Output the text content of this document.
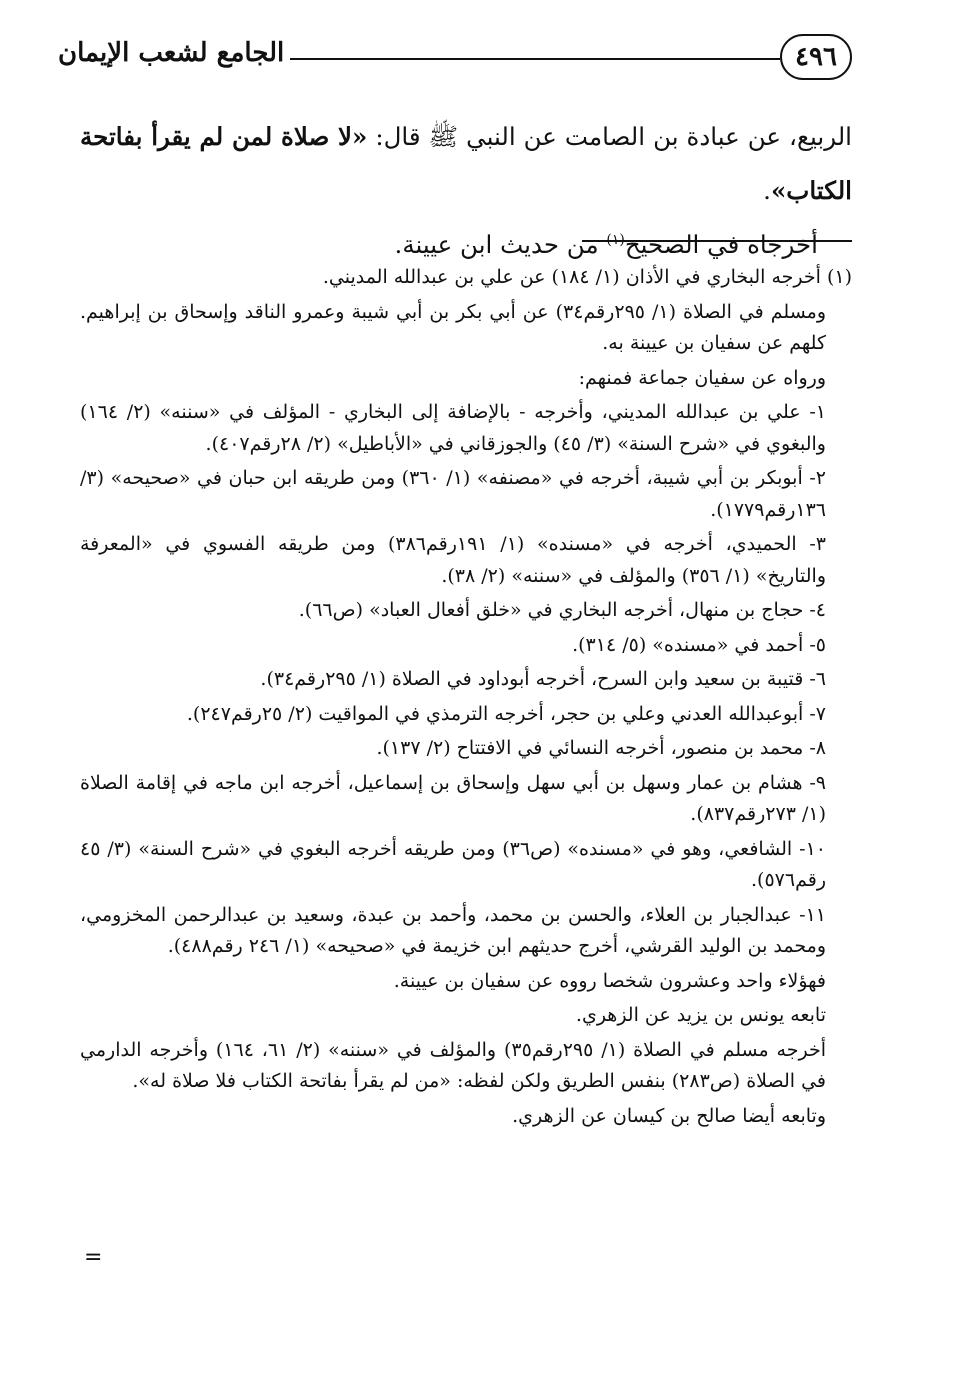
٤٩٦
الجامع لشعب الإيمان

الربيع، عن عبادة بن الصامت عن النبي ﷺ قال: «لا صلاة لمن لم يقرأ بفاتحة الكتاب».

أخرجاه في الصحيح$^{(١)}$ من حديث ابن عيينة.

(١) أخرجه البخاري في الأذان (١/ ١٨٤) عن علي بن عبدالله المديني.

ومسلم في الصلاة (١/ ٢٩٥رقم٣٤) عن أبي بكر بن أبي شيبة وعمرو الناقد وإسحاق بن إبراهيم. كلهم عن سفيان بن عيينة به.

ورواه عن سفيان جماعة فمنهم:

١- علي بن عبدالله المديني، وأخرجه - بالإضافة إلى البخاري - المؤلف في «سننه» (٢/ ١٦٤) والبغوي في «شرح السنة» (٣/ ٤٥) والجوزقاني في «الأباطيل» (٢/ ٢٨رقم٤٠٧).

٢- أبوبكر بن أبي شيبة، أخرجه في «مصنفه» (١/ ٣٦٠) ومن طريقه ابن حبان في «صحيحه» (٣/ ١٣٦رقم١٧٧٩).

٣- الحميدي، أخرجه في «مسنده» (١/ ١٩١رقم٣٨٦) ومن طريقه الفسوي في «المعرفة والتاريخ» (١/ ٣٥٦) والمؤلف في «سننه» (٢/ ٣٨).

٤- حجاج بن منهال، أخرجه البخاري في «خلق أفعال العباد» (ص٦٦).

٥- أحمد في «مسنده» (٥/ ٣١٤).

٦- قتيبة بن سعيد وابن السرح، أخرجه أبوداود في الصلاة (١/ ٢٩٥رقم٣٤).

٧- أبوعبدالله العدني وعلي بن حجر، أخرجه الترمذي في المواقيت (٢/ ٢٥رقم٢٤٧).

٨- محمد بن منصور، أخرجه النسائي في الافتتاح (٢/ ١٣٧).

٩- هشام بن عمار وسهل بن أبي سهل وإسحاق بن إسماعيل، أخرجه ابن ماجه في إقامة الصلاة (١/ ٢٧٣رقم٨٣٧).

١٠- الشافعي، وهو في «مسنده» (ص٣٦) ومن طريقه أخرجه البغوي في «شرح السنة» (٣/ ٤٥ رقم٥٧٦).

١١- عبدالجبار بن العلاء، والحسن بن محمد، وأحمد بن عبدة، وسعيد بن عبدالرحمن المخزومي، ومحمد بن الوليد القرشي، أخرج حديثهم ابن خزيمة في «صحيحه» (١/ ٢٤٦ رقم٤٨٨).

فهؤلاء واحد وعشرون شخصا رووه عن سفيان بن عيينة.

تابعه يونس بن يزيد عن الزهري.

أخرجه مسلم في الصلاة (١/ ٢٩٥رقم٣٥) والمؤلف في «سننه» (٢/ ٦١، ١٦٤) وأخرجه الدارمي في الصلاة (ص٢٨٣) بنفس الطريق ولكن لفظه: «من لم يقرأ بفاتحة الكتاب فلا صلاة له».

وتابعه أيضا صالح بن كيسان عن الزهري.

=
